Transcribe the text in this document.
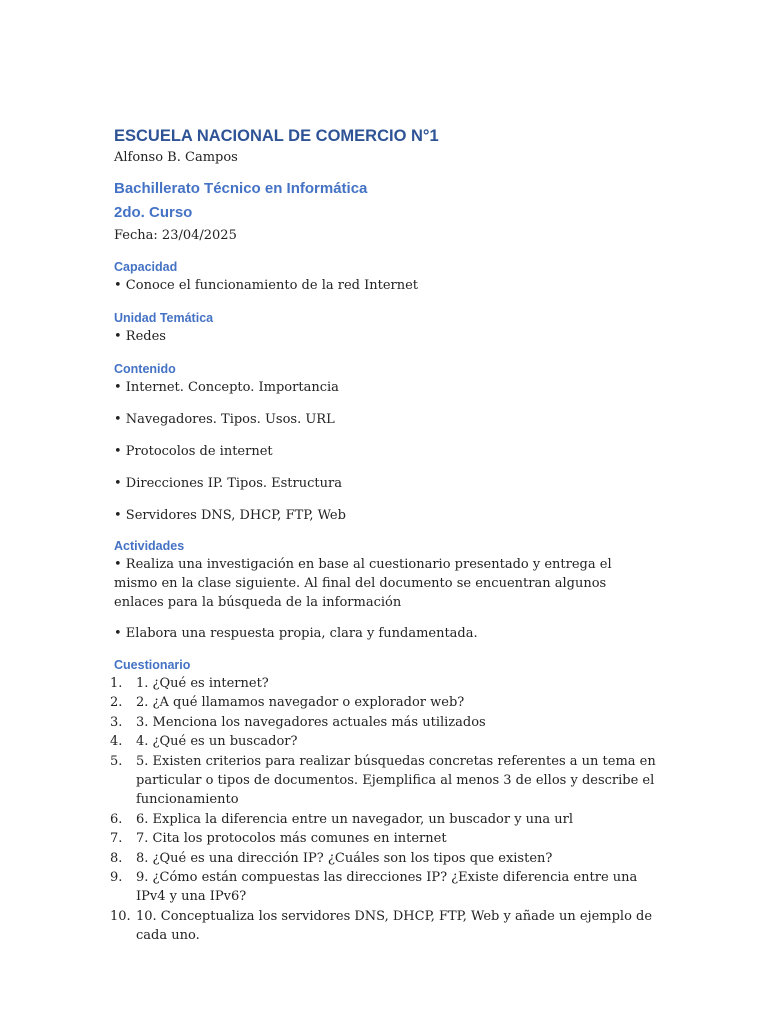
ESCUELA NACIONAL DE COMERCIO N°1

Alfonso B. Campos

Bachillerato Técnico en Informática
2do. Curso

Fecha: 23/04/2025

Capacidad

• Conoce el funcionamiento de la red Internet

Unidad Temática

• Redes

Contenido

• Internet. Concepto. Importancia

• Navegadores. Tipos. Usos. URL

• Protocolos de internet

• Direcciones IP. Tipos. Estructura

• Servidores DNS, DHCP, FTP, Web

Actividades

• Realiza una investigación en base al cuestionario presentado y entrega el mismo en la clase siguiente. Al final del documento se encuentran algunos enlaces para la búsqueda de la información

• Elabora una respuesta propia, clara y fundamentada.

Cuestionario
1.	1. ¿Qué es internet?
2.	2. ¿A qué llamamos navegador o explorador web?
3.	3. Menciona los navegadores actuales más utilizados
4.	4. ¿Qué es un buscador?
5.	5. Existen criterios para realizar búsquedas concretas referentes a un tema en particular o tipos de documentos. Ejemplifica al menos 3 de ellos y describe el funcionamiento
6.	6. Explica la diferencia entre un navegador, un buscador y una url
7.	7. Cita los protocolos más comunes en internet
8.	8. ¿Qué es una dirección IP? ¿Cuáles son los tipos que existen?
9.	9. ¿Cómo están compuestas las direcciones IP? ¿Existe diferencia entre una IPv4 y una IPv6?
10. 10. Conceptualiza los servidores DNS, DHCP, FTP, Web y añade un ejemplo de cada uno.
